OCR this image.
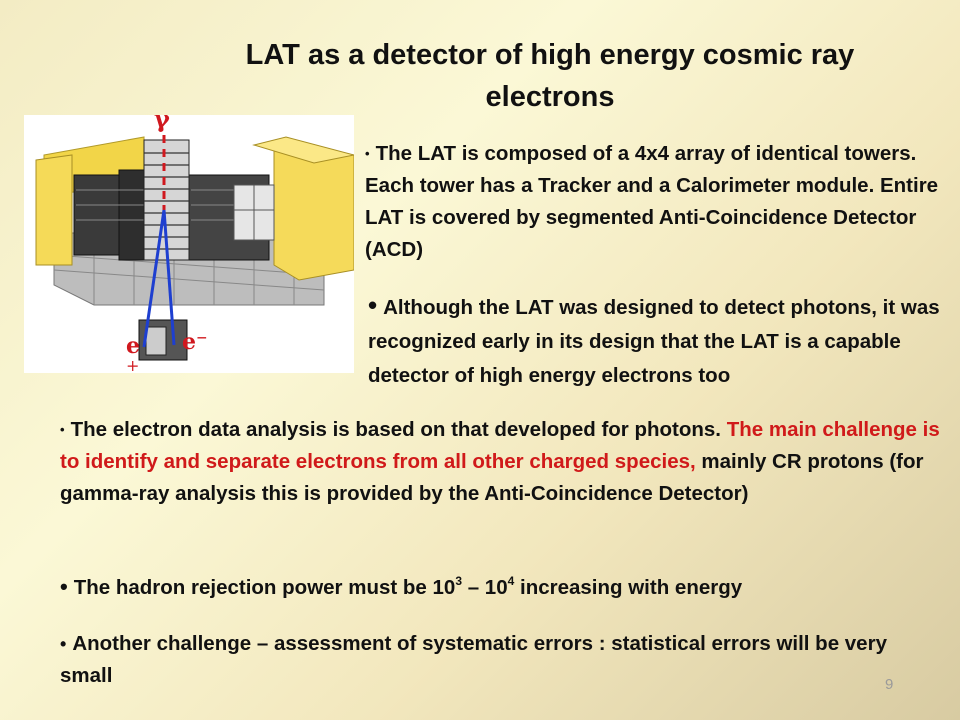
LAT as a detector of high energy cosmic ray electrons
γ
e
+
e⁻
• The LAT is composed of a 4x4 array of identical towers. Each tower has a Tracker and a Calorimeter module. Entire LAT is covered by segmented Anti-Coincidence Detector (ACD)
• Although the LAT was designed to detect photons, it was recognized early in its design that the LAT is a capable detector of high energy electrons too
• The electron data analysis is based on that developed for photons. The main challenge is to identify and separate electrons from all other charged species, mainly CR protons (for gamma-ray analysis this is provided by the Anti-Coincidence Detector)
• The hadron rejection power must be $10^3 - 10^4$ increasing with energy
• Another challenge – assessment of systematic errors : statistical errors will be very small	9
